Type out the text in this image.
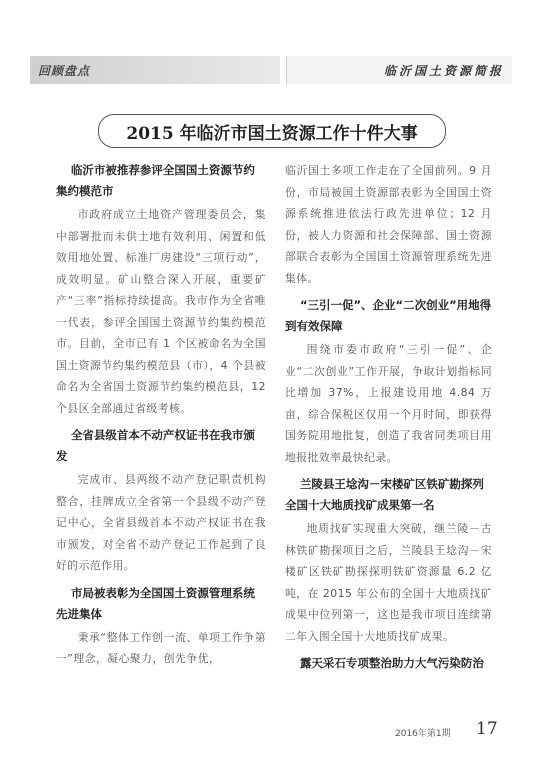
回顾盘点	临沂国土资源简报
2015 年临沂市国土资源工作十件大事
临沂市被推荐参评全国国土资源节约集约模范市
市政府成立土地资产管理委员会，集中部署批而未供土地有效利用、闲置和低效用地处置、标准厂房建设“三项行动”，成效明显。矿山整合深入开展，重要矿产“三率”指标持续提高。我市作为全省唯一代表，参评全国国土资源节约集约模范市。目前，全市已有 1 个区被命名为全国国土资源节约集约模范县（市），4 个县被命名为全省国土资源节约集约模范县，12 个县区全部通过省级考核。
全省县级首本不动产权证书在我市颁发
完成市、县两级不动产登记职责机构整合，挂牌成立全省第一个县级不动产登记中心，全省县级首本不动产权证书在我市颁发，对全省不动产登记工作起到了良好的示范作用。
市局被表彰为全国国土资源管理系统先进集体
秉承“整体工作创一流、单项工作争第一”理念，凝心聚力，创先争优，
临沂国土多项工作走在了全国前列。9 月份，市局被国土资源部表彰为全国国土资源系统推进依法行政先进单位；12 月份，被人力资源和社会保障部、国土资源部联合表彰为全国国土资源管理系统先进集体。
“三引一促”、企业“二次创业”用地得到有效保障
围绕市委市政府“三引一促”、企业“二次创业”工作开展，争取计划指标同比增加 37%，上报建设用地 4.84 万亩，综合保税区仅用一个月时间，即获得国务院用地批复，创造了我省同类项目用地报批效率最快纪录。
兰陵县王埝沟－宋楼矿区铁矿勘探列全国十大地质找矿成果第一名
地质找矿实现重大突破，继兰陵－古林铁矿勘探项目之后，兰陵县王埝沟－宋楼矿区铁矿勘探探明铁矿资源量 6.2 亿吨，在 2015 年公布的全国十大地质找矿成果中位列第一，这也是我市项目连续第二年入围全国十大地质找矿成果。
露天采石专项整治助力大气污染防治
2016年第1期 17
